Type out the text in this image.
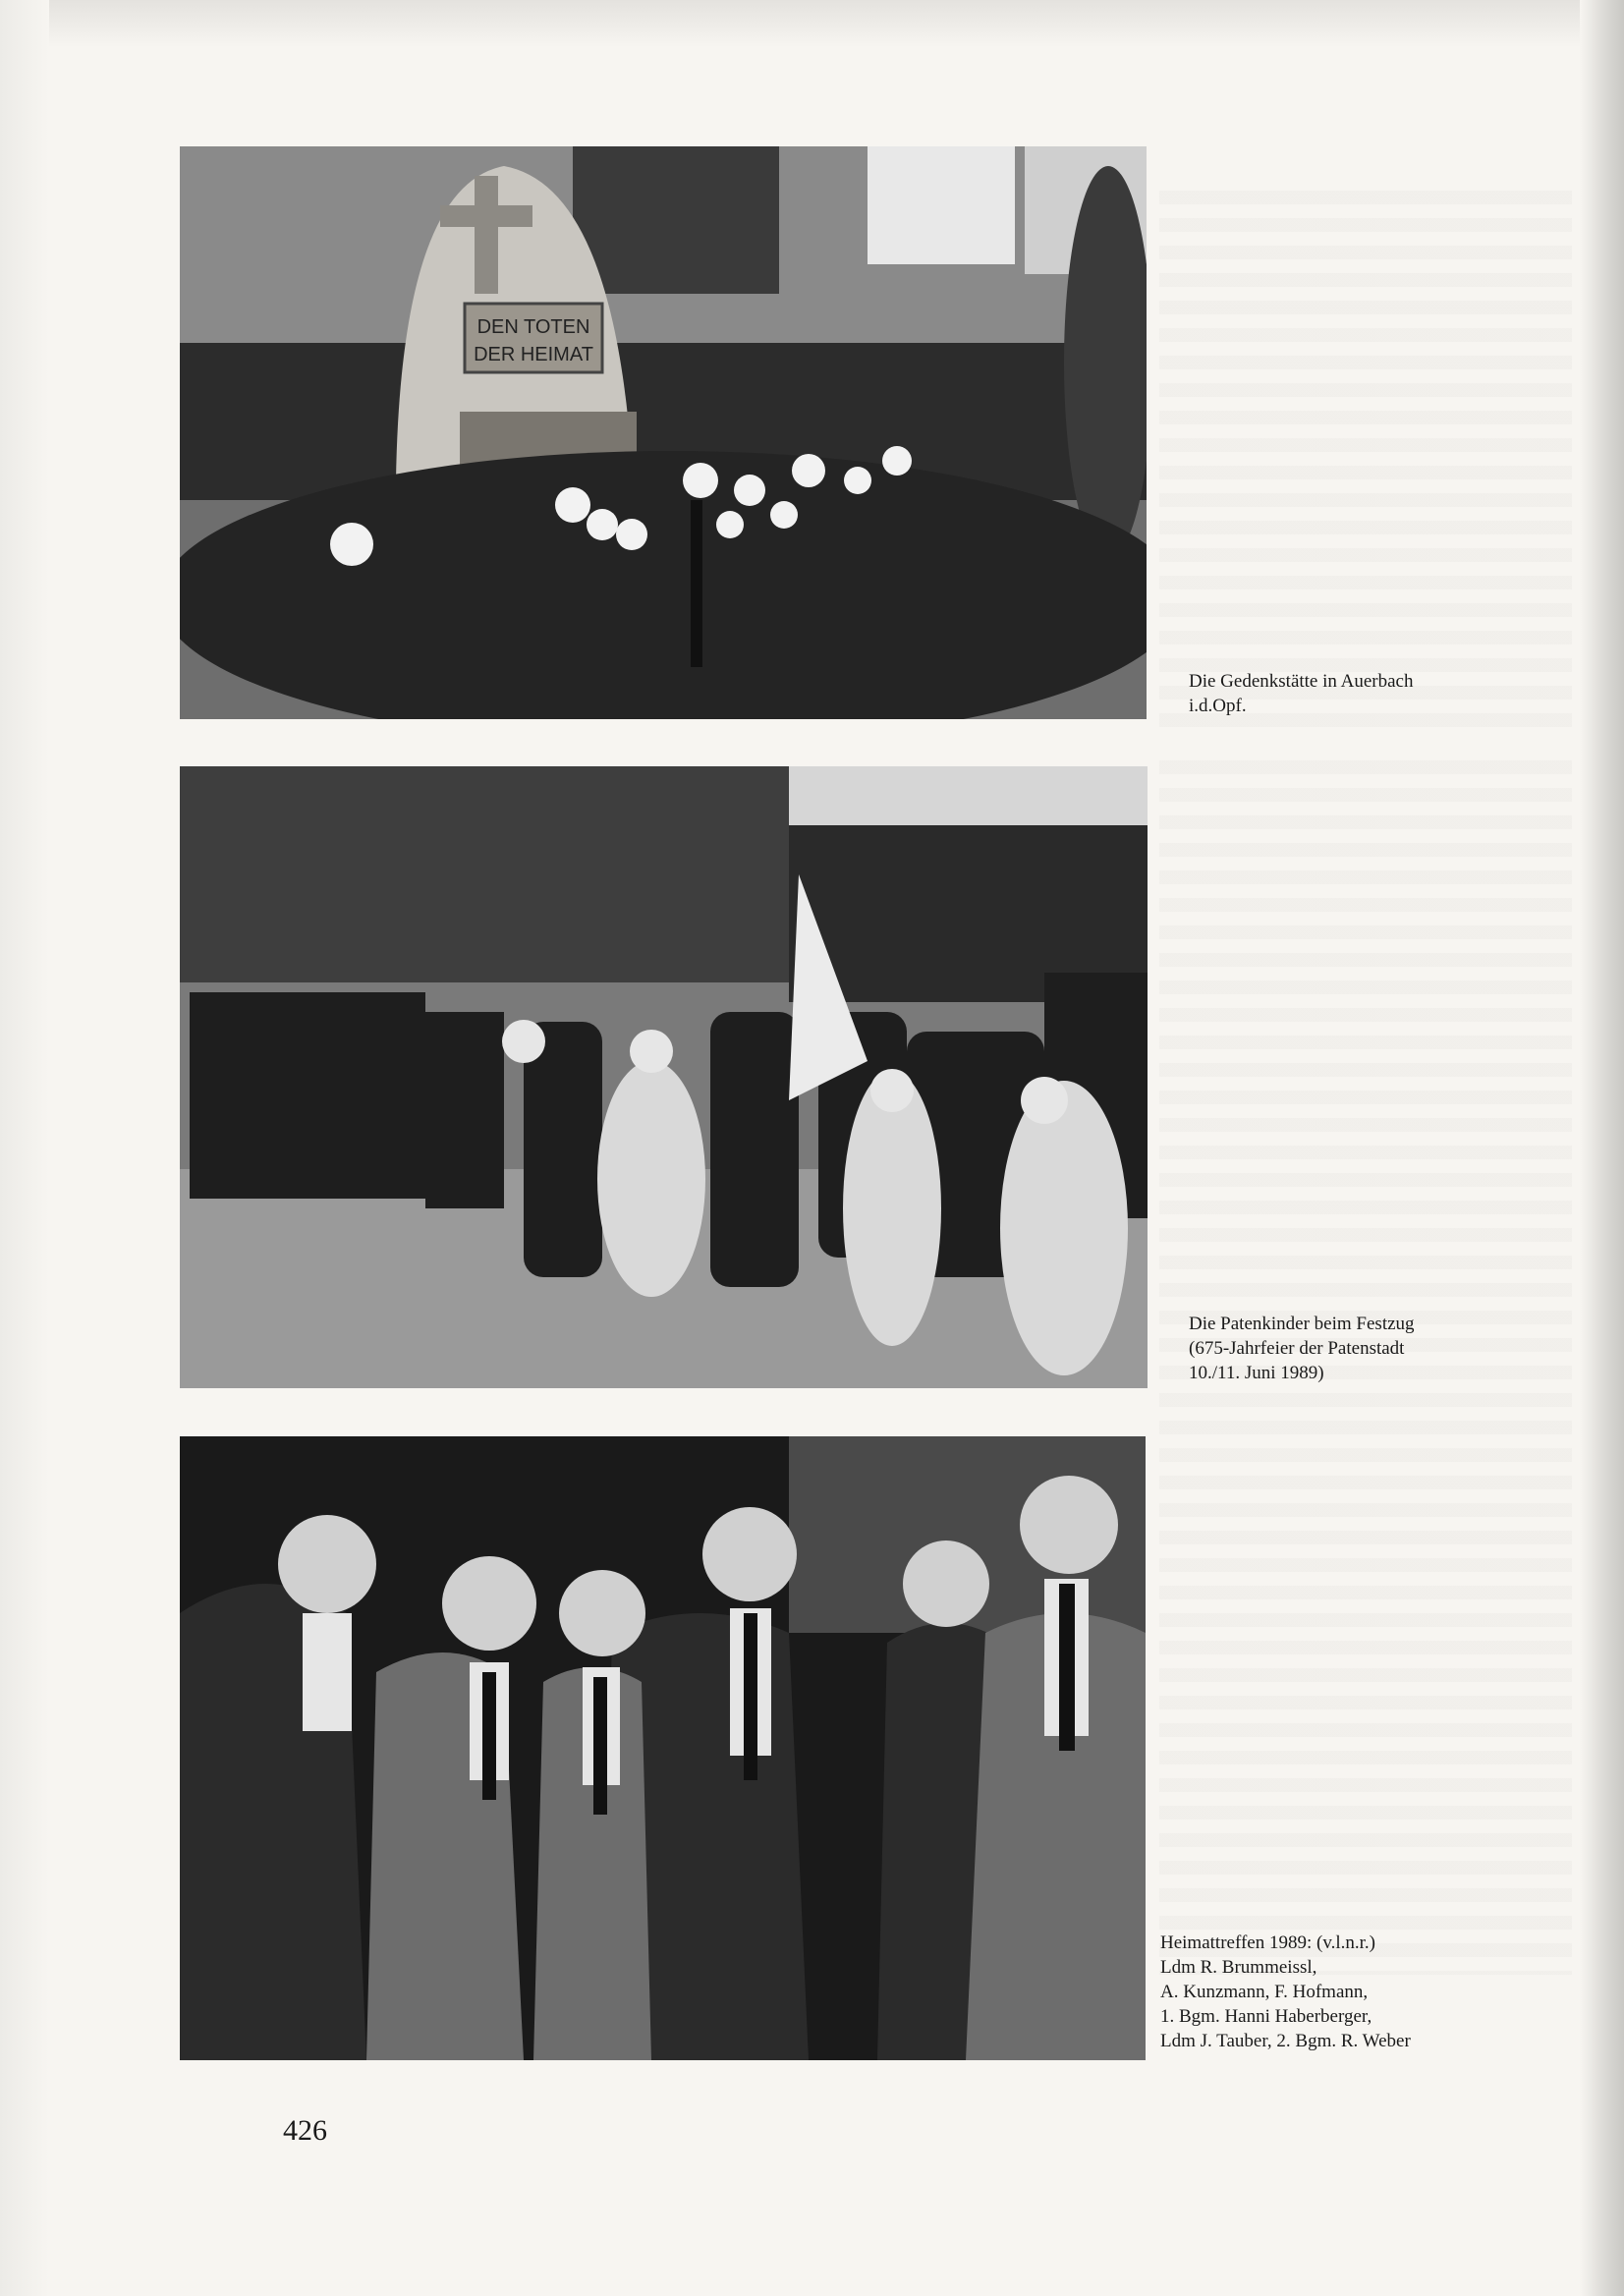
DEN TOTEN
DER HEIMAT
Die Gedenkstätte in Auerbach
i.d.Opf.
Die Patenkinder beim Festzug
(675-Jahrfeier der Patenstadt
10./11. Juni 1989)
Heimattreffen 1989: (v.l.n.r.)
Ldm R. Brummeissl,
A. Kunzmann, F. Hofmann,
1. Bgm. Hanni Haberberger,
Ldm J. Tauber, 2. Bgm. R. Weber
426
